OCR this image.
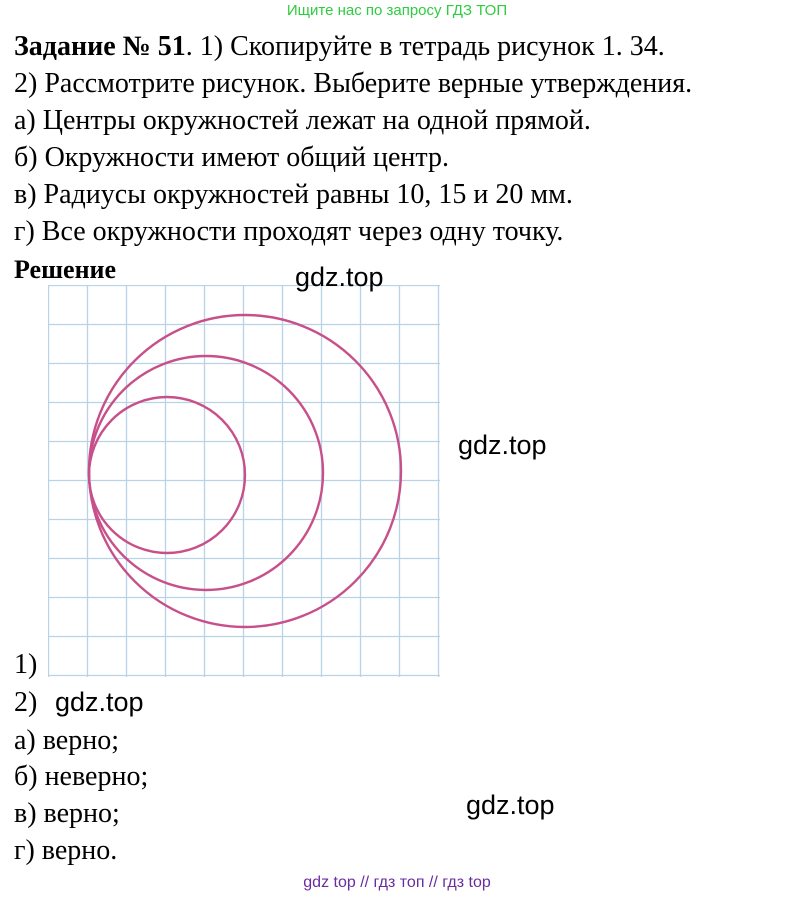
Ищите нас по запросу ГДЗ ТОП
Задание № 51. 1) Скопируйте в тетрадь рисунок 1. 34.
2) Рассмотрите рисунок. Выберите верные утверждения.
а) Центры окружностей лежат на одной прямой.
б) Окружности имеют общий центр.
в) Радиусы окружностей равны 10, 15 и 20 мм.
г) Все окружности проходят через одну точку.
Решение	gdz.top
gdz.top
gdz.top
gdz.top
1)
2)
а) верно;
б) неверно;
в) верно;
г) верно.
gdz top // гдз топ // гдз top
